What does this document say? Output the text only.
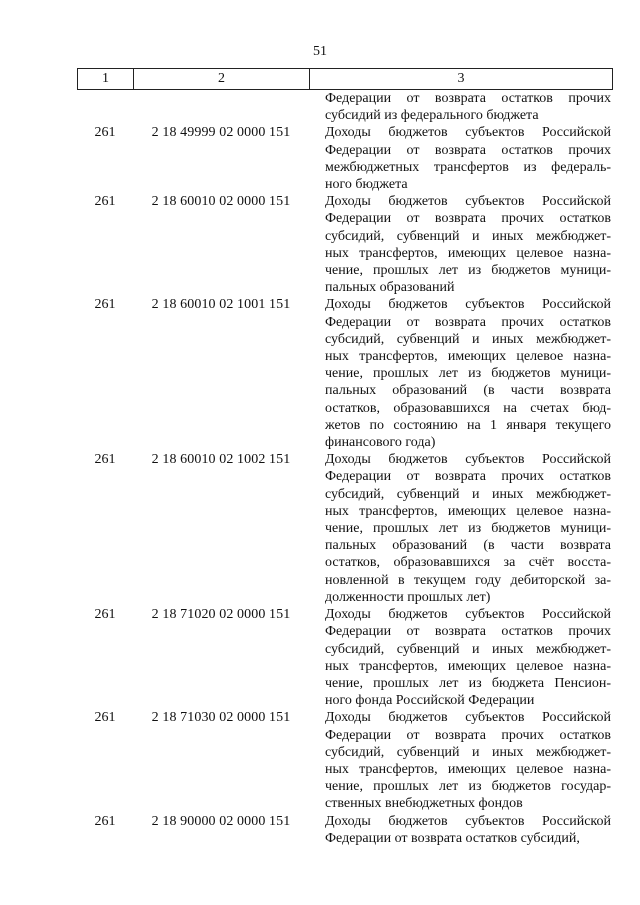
51
1	2	3
Федерации от возврата остатков прочих
субсидий из федерального бюджета
261	2 18 49999 02 0000 151	Доходы бюджетов субъектов Российской
Федерации от возврата остатков прочих
межбюджетных трансфертов из федераль-
ного бюджета
261	2 18 60010 02 0000 151	Доходы бюджетов субъектов Российской
Федерации от возврата прочих остатков
субсидий, субвенций и иных межбюджет-
ных трансфертов, имеющих целевое назна-
чение, прошлых лет из бюджетов муници-
пальных образований
261	2 18 60010 02 1001 151	Доходы бюджетов субъектов Российской
Федерации от возврата прочих остатков
субсидий, субвенций и иных межбюджет-
ных трансфертов, имеющих целевое назна-
чение, прошлых лет из бюджетов муници-
пальных образований (в части возврата
остатков, образовавшихся на счетах бюд-
жетов по состоянию на 1 января текущего
финансового года)
261	2 18 60010 02 1002 151	Доходы бюджетов субъектов Российской
Федерации от возврата прочих остатков
субсидий, субвенций и иных межбюджет-
ных трансфертов, имеющих целевое назна-
чение, прошлых лет из бюджетов муници-
пальных образований (в части возврата
остатков, образовавшихся за счёт восста-
новленной в текущем году дебиторской за-
долженности прошлых лет)
261	2 18 71020 02 0000 151	Доходы бюджетов субъектов Российской
Федерации от возврата остатков прочих
субсидий, субвенций и иных межбюджет-
ных трансфертов, имеющих целевое назна-
чение, прошлых лет из бюджета Пенсион-
ного фонда Российской Федерации
261	2 18 71030 02 0000 151	Доходы бюджетов субъектов Российской
Федерации от возврата прочих остатков
субсидий, субвенций и иных межбюджет-
ных трансфертов, имеющих целевое назна-
чение, прошлых лет из бюджетов государ-
ственных внебюджетных фондов
261	2 18 90000 02 0000 151	Доходы бюджетов субъектов Российской
Федерации от возврата остатков субсидий,
